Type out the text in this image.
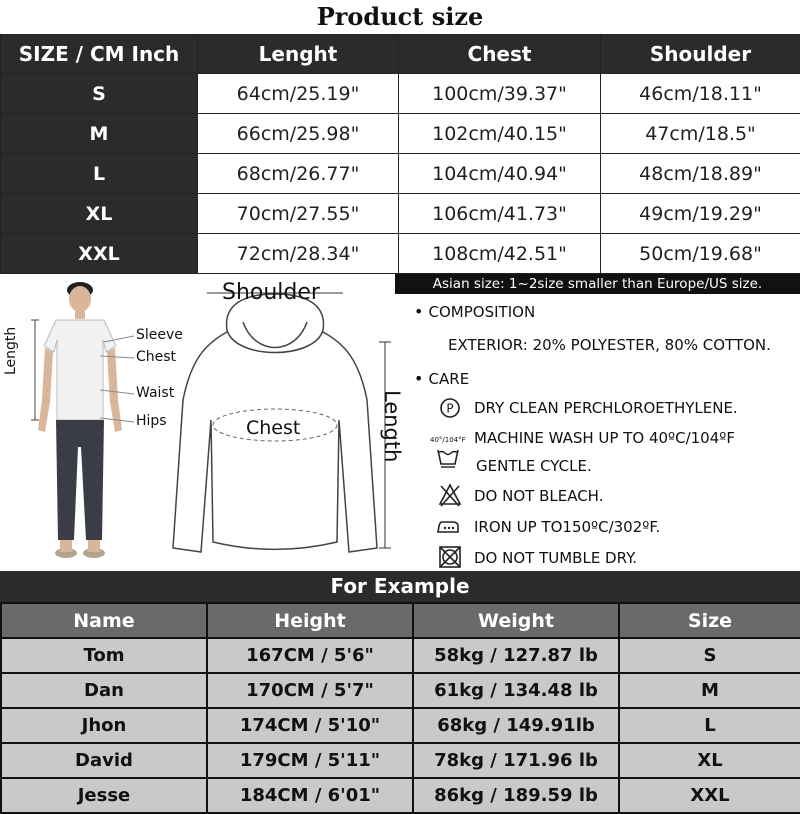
Product size
SIZE / CM Inch	Lenght	Chest	Shoulder
S	64cm/25.19"	100cm/39.37"	46cm/18.11"
M	66cm/25.98"	102cm/40.15"	47cm/18.5"
L	68cm/26.77"	104cm/40.94"	48cm/18.89"
XL	70cm/27.55"	106cm/41.73"	49cm/19.29"
XXL	72cm/28.34"	108cm/42.51"	50cm/19.68"
Asian size: 1~2size smaller than Europe/US size.
Length	Sleeve
Chest
Waist
Hips
Shoulder
Chest	Length
• COMPOSITION
EXTERIOR: 20% POLYESTER, 80% COTTON.
• CARE
P DRY CLEAN PERCHLOROETHYLENE.
40°/104°F MACHINE WASH UP TO 40ºC/104ºF
GENTLE CYCLE.
DO NOT BLEACH.
IRON UP TO150ºC/302ºF.
DO NOT TUMBLE DRY.
For Example
Name	Height	Weight	Size
Tom	167CM / 5'6"	58kg / 127.87 lb	S
Dan	170CM / 5'7"	61kg / 134.48 lb	M
Jhon	174CM / 5'10"	68kg / 149.91lb	L
David	179CM / 5'11"	78kg / 171.96 lb	XL
Jesse	184CM / 6'01"	86kg / 189.59 lb	XXL
